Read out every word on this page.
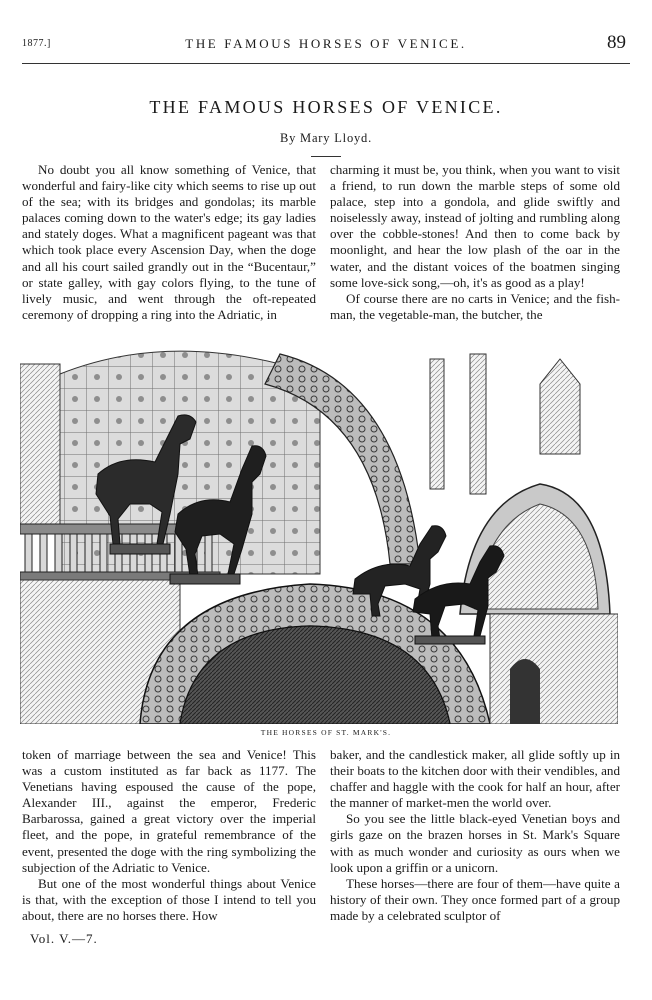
1877.]	THE FAMOUS HORSES OF VENICE.	89
THE FAMOUS HORSES OF VENICE.
By Mary Lloyd.

No doubt you all know something of Venice, that wonderful and fairy-like city which seems to rise up out of the sea; with its bridges and gondolas; its marble palaces coming down to the water's edge; its gay ladies and stately doges. What a magnificent pageant was that which took place every Ascension Day, when the doge and all his court sailed grandly out in the “Bucentaur,” or state galley, with gay colors flying, to the tune of lively music, and went through the oft-repeated ceremony of dropping a ring into the Adriatic, in

charming it must be, you think, when you want to visit a friend, to run down the marble steps of some old palace, step into a gondola, and glide swiftly and noiselessly away, instead of jolting and rumbling along over the cobble-stones! And then to come back by moonlight, and hear the low plash of the oar in the water, and the distant voices of the boatmen singing some love-sick song,—oh, it's as good as a play!

Of course there are no carts in Venice; and the fish-man, the vegetable-man, the butcher, the

THE HORSES OF ST. MARK'S.

token of marriage between the sea and Venice! This was a custom instituted as far back as 1177. The Venetians having espoused the cause of the pope, Alexander III., against the emperor, Frederic Barbarossa, gained a great victory over the imperial fleet, and the pope, in grateful remembrance of the event, presented the doge with the ring symbolizing the subjection of the Adriatic to Venice.

But one of the most wonderful things about Venice is that, with the exception of those I intend to tell you about, there are no horses there. How

baker, and the candlestick maker, all glide softly up in their boats to the kitchen door with their vendibles, and chaffer and haggle with the cook for half an hour, after the manner of market-men the world over.

So you see the little black-eyed Venetian boys and girls gaze on the brazen horses in St. Mark's Square with as much wonder and curiosity as ours when we look upon a griffin or a unicorn.

These horses—there are four of them—have quite a history of their own. They once formed part of a group made by a celebrated sculptor of

Vol. V.—7.
